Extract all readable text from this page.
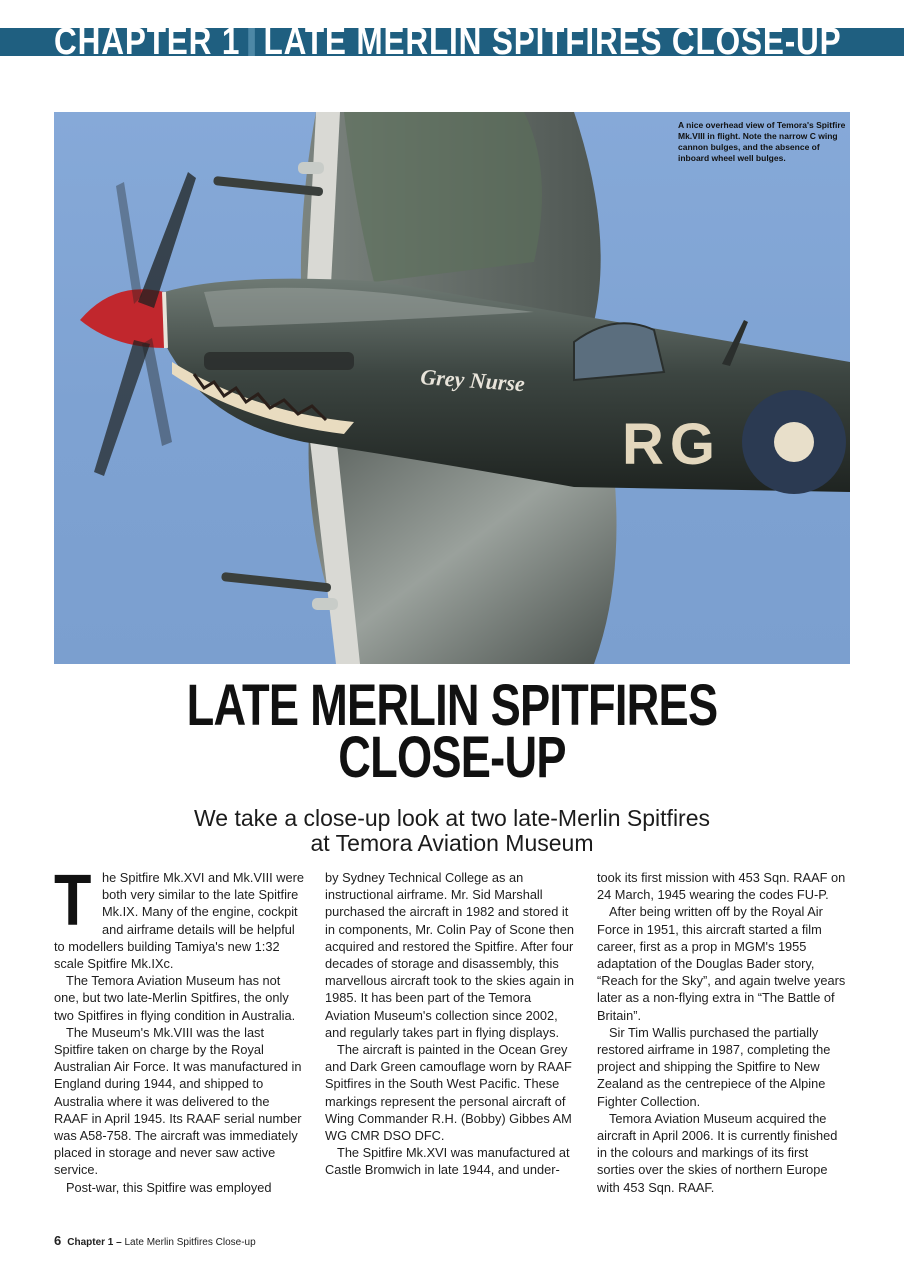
CHAPTER 1 LATE MERLIN SPITFIRES CLOSE-UP
RG
Grey Nurse
A nice overhead view of Temora's Spitfire Mk.VIII in flight. Note the narrow C wing cannon bulges, and the absence of inboard wheel well bulges.
LATE MERLIN SPITFIRES
CLOSE-UP
We take a close-up look at two late-Merlin Spitfires
at Temora Aviation Museum

The Spitfire Mk.XVI and Mk.VIII were both very similar to the late Spitfire Mk.IX. Many of the engine, cockpit and airframe details will be helpful to modellers building Tamiya's new 1:32 scale Spitfire Mk.IXc.

The Temora Aviation Museum has not one, but two late-Merlin Spitfires, the only two Spitfires in flying condition in Australia.

The Museum's Mk.VIII was the last Spitfire taken on charge by the Royal Australian Air Force. It was manufactured in England during 1944, and shipped to Australia where it was delivered to the RAAF in April 1945. Its RAAF serial number was A58-758. The aircraft was immediately placed in storage and never saw active service.

Post-war, this Spitfire was employed

by Sydney Technical College as an instructional airframe. Mr. Sid Marshall purchased the aircraft in 1982 and stored it in components, Mr. Colin Pay of Scone then acquired and restored the Spitfire. After four decades of storage and disassembly, this marvellous aircraft took to the skies again in 1985. It has been part of the Temora Aviation Museum's collection since 2002, and regularly takes part in flying displays.

The aircraft is painted in the Ocean Grey and Dark Green camouflage worn by RAAF Spitfires in the South West Pacific. These markings represent the personal aircraft of Wing Commander R.H. (Bobby) Gibbes AM WG CMR DSO DFC.

The Spitfire Mk.XVI was manufactured at Castle Bromwich in late 1944, and under-

took its first mission with 453 Sqn. RAAF on 24 March, 1945 wearing the codes FU-P.

After being written off by the Royal Air Force in 1951, this aircraft started a film career, first as a prop in MGM's 1955 adaptation of the Douglas Bader story, “Reach for the Sky”, and again twelve years later as a non-flying extra in “The Battle of Britain”.

Sir Tim Wallis purchased the partially restored airframe in 1987, completing the project and shipping the Spitfire to New Zealand as the centrepiece of the Alpine Fighter Collection.

Temora Aviation Museum acquired the aircraft in April 2006. It is currently finished in the colours and markings of its first sorties over the skies of northern Europe with 453 Sqn. RAAF.

6 Chapter 1 – Late Merlin Spitfires Close-up
